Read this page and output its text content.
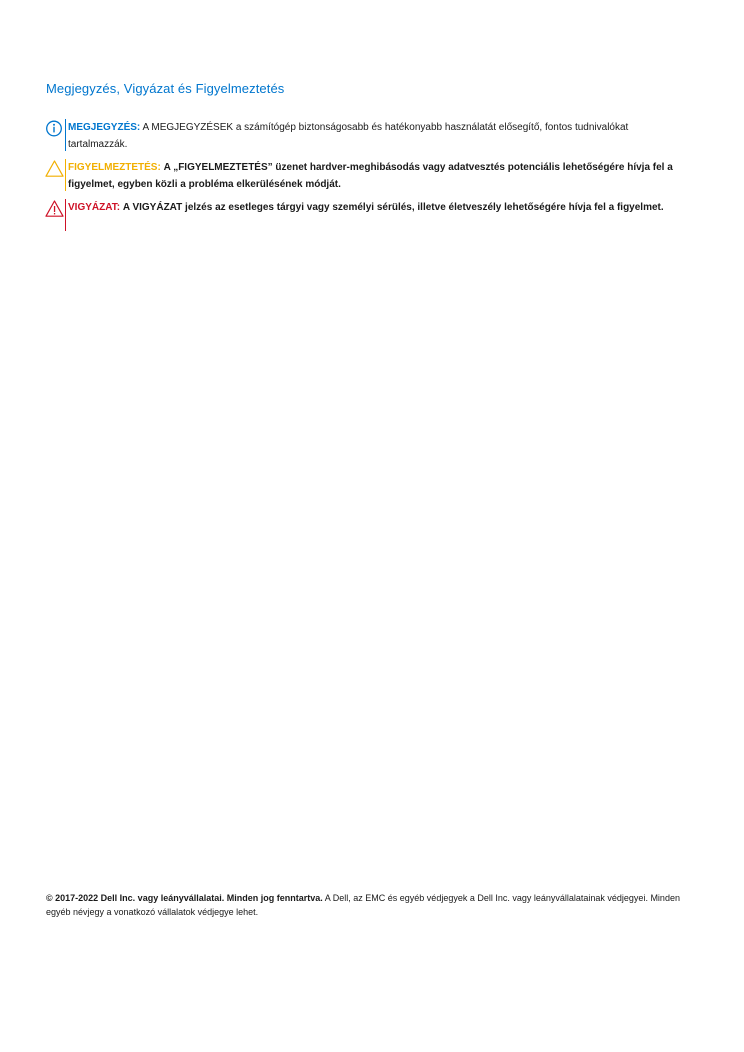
Megjegyzés, Vigyázat és Figyelmeztetés
MEGJEGYZÉS: A MEGJEGYZÉSEK a számítógép biztonságosabb és hatékonyabb használatát elősegítő, fontos tudnivalókat tartalmazzák.
FIGYELMEZTETÉS: A „FIGYELMEZTETÉS” üzenet hardver-meghibásodás vagy adatvesztés potenciális lehetőségére hívja fel a figyelmet, egyben közli a probléma elkerülésének módját.
VIGYÁZAT: A VIGYÁZAT jelzés az esetleges tárgyi vagy személyi sérülés, illetve életveszély lehetőségére hívja fel a figyelmet.
© 2017-2022 Dell Inc. vagy leányvállalatai. Minden jog fenntartva. A Dell, az EMC és egyéb védjegyek a Dell Inc. vagy leányvállalatainak védjegyei. Minden egyéb névjegy a vonatkozó vállalatok védjegye lehet.
